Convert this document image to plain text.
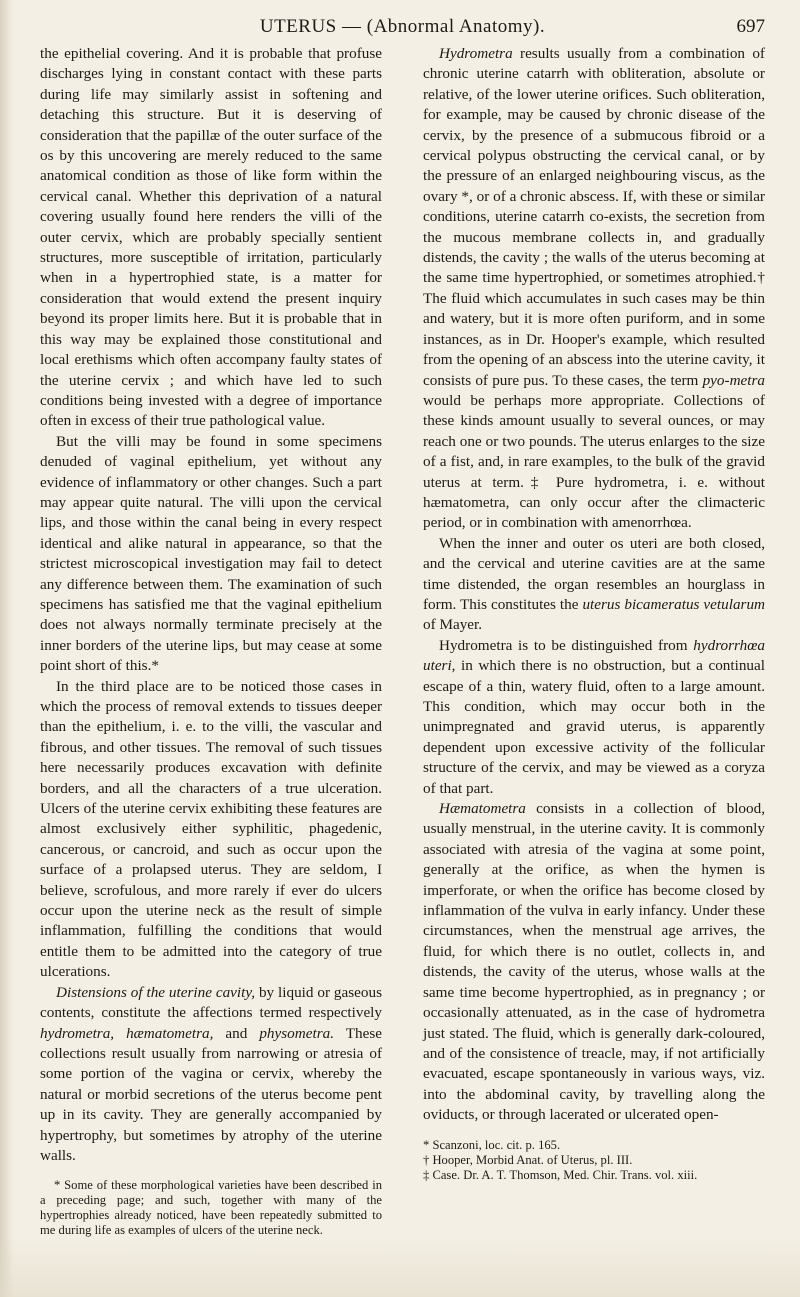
UTERUS — (Abnormal Anatomy).	697

the epithelial covering. And it is probable that profuse discharges lying in constant contact with these parts during life may similarly assist in softening and detaching this structure. But it is deserving of consideration that the papillæ of the outer surface of the os by this uncovering are merely reduced to the same anatomical condition as those of like form within the cervical canal. Whether this deprivation of a natural covering usually found here renders the villi of the outer cervix, which are probably specially sentient structures, more susceptible of irritation, particularly when in a hypertrophied state, is a matter for consideration that would extend the present inquiry beyond its proper limits here. But it is probable that in this way may be explained those constitutional and local erethisms which often accompany faulty states of the uterine cervix ; and which have led to such conditions being invested with a degree of importance often in excess of their true pathological value.

But the villi may be found in some specimens denuded of vaginal epithelium, yet without any evidence of inflammatory or other changes. Such a part may appear quite natural. The villi upon the cervical lips, and those within the canal being in every respect identical and alike natural in appearance, so that the strictest microscopical investigation may fail to detect any difference between them. The examination of such specimens has satisfied me that the vaginal epithelium does not always normally terminate precisely at the inner borders of the uterine lips, but may cease at some point short of this.*

In the third place are to be noticed those cases in which the process of removal extends to tissues deeper than the epithelium, i. e. to the villi, the vascular and fibrous, and other tissues. The removal of such tissues here necessarily produces excavation with definite borders, and all the characters of a true ulceration. Ulcers of the uterine cervix exhibiting these features are almost exclusively either syphilitic, phagedenic, cancerous, or cancroid, and such as occur upon the surface of a prolapsed uterus. They are seldom, I believe, scrofulous, and more rarely if ever do ulcers occur upon the uterine neck as the result of simple inflammation, fulfilling the conditions that would entitle them to be admitted into the category of true ulcerations.

Distensions of the uterine cavity, by liquid or gaseous contents, constitute the affections termed respectively hydrometra, hæmatometra, and physometra. These collections result usually from narrowing or atresia of some portion of the vagina or cervix, whereby the natural or morbid secretions of the uterus become pent up in its cavity. They are generally accompanied by hypertrophy, but sometimes by atrophy of the uterine walls.

* Some of these morphological varieties have been described in a preceding page; and such, together with many of the hypertrophies already noticed, have been repeatedly submitted to me during life as examples of ulcers of the uterine neck.

Hydrometra results usually from a combination of chronic uterine catarrh with obliteration, absolute or relative, of the lower uterine orifices. Such obliteration, for example, may be caused by chronic disease of the cervix, by the presence of a submucous fibroid or a cervical polypus obstructing the cervical canal, or by the pressure of an enlarged neighbouring viscus, as the ovary *, or of a chronic abscess. If, with these or similar conditions, uterine catarrh co-exists, the secretion from the mucous membrane collects in, and gradually distends, the cavity ; the walls of the uterus becoming at the same time hypertrophied, or sometimes atrophied.† The fluid which accumulates in such cases may be thin and watery, but it is more often puriform, and in some instances, as in Dr. Hooper's example, which resulted from the opening of an abscess into the uterine cavity, it consists of pure pus. To these cases, the term pyo-metra would be perhaps more appropriate. Collections of these kinds amount usually to several ounces, or may reach one or two pounds. The uterus enlarges to the size of a fist, and, in rare examples, to the bulk of the gravid uterus at term.‡ Pure hydrometra, i. e. without hæmatometra, can only occur after the climacteric period, or in combination with amenorrhœa.

When the inner and outer os uteri are both closed, and the cervical and uterine cavities are at the same time distended, the organ resembles an hourglass in form. This constitutes the uterus bicameratus vetularum of Mayer.

Hydrometra is to be distinguished from hydrorrhœa uteri, in which there is no obstruction, but a continual escape of a thin, watery fluid, often to a large amount. This condition, which may occur both in the unimpregnated and gravid uterus, is apparently dependent upon excessive activity of the follicular structure of the cervix, and may be viewed as a coryza of that part.

Hæmatometra consists in a collection of blood, usually menstrual, in the uterine cavity. It is commonly associated with atresia of the vagina at some point, generally at the orifice, as when the hymen is imperforate, or when the orifice has become closed by inflammation of the vulva in early infancy. Under these circumstances, when the menstrual age arrives, the fluid, for which there is no outlet, collects in, and distends, the cavity of the uterus, whose walls at the same time become hypertrophied, as in pregnancy ; or occasionally attenuated, as in the case of hydrometra just stated. The fluid, which is generally dark-coloured, and of the consistence of treacle, may, if not artificially evacuated, escape spontaneously in various ways, viz. into the abdominal cavity, by travelling along the oviducts, or through lacerated or ulcerated open-

* Scanzoni, loc. cit. p. 165.

† Hooper, Morbid Anat. of Uterus, pl. III.

‡ Case. Dr. A. T. Thomson, Med. Chir. Trans. vol. xiii.
